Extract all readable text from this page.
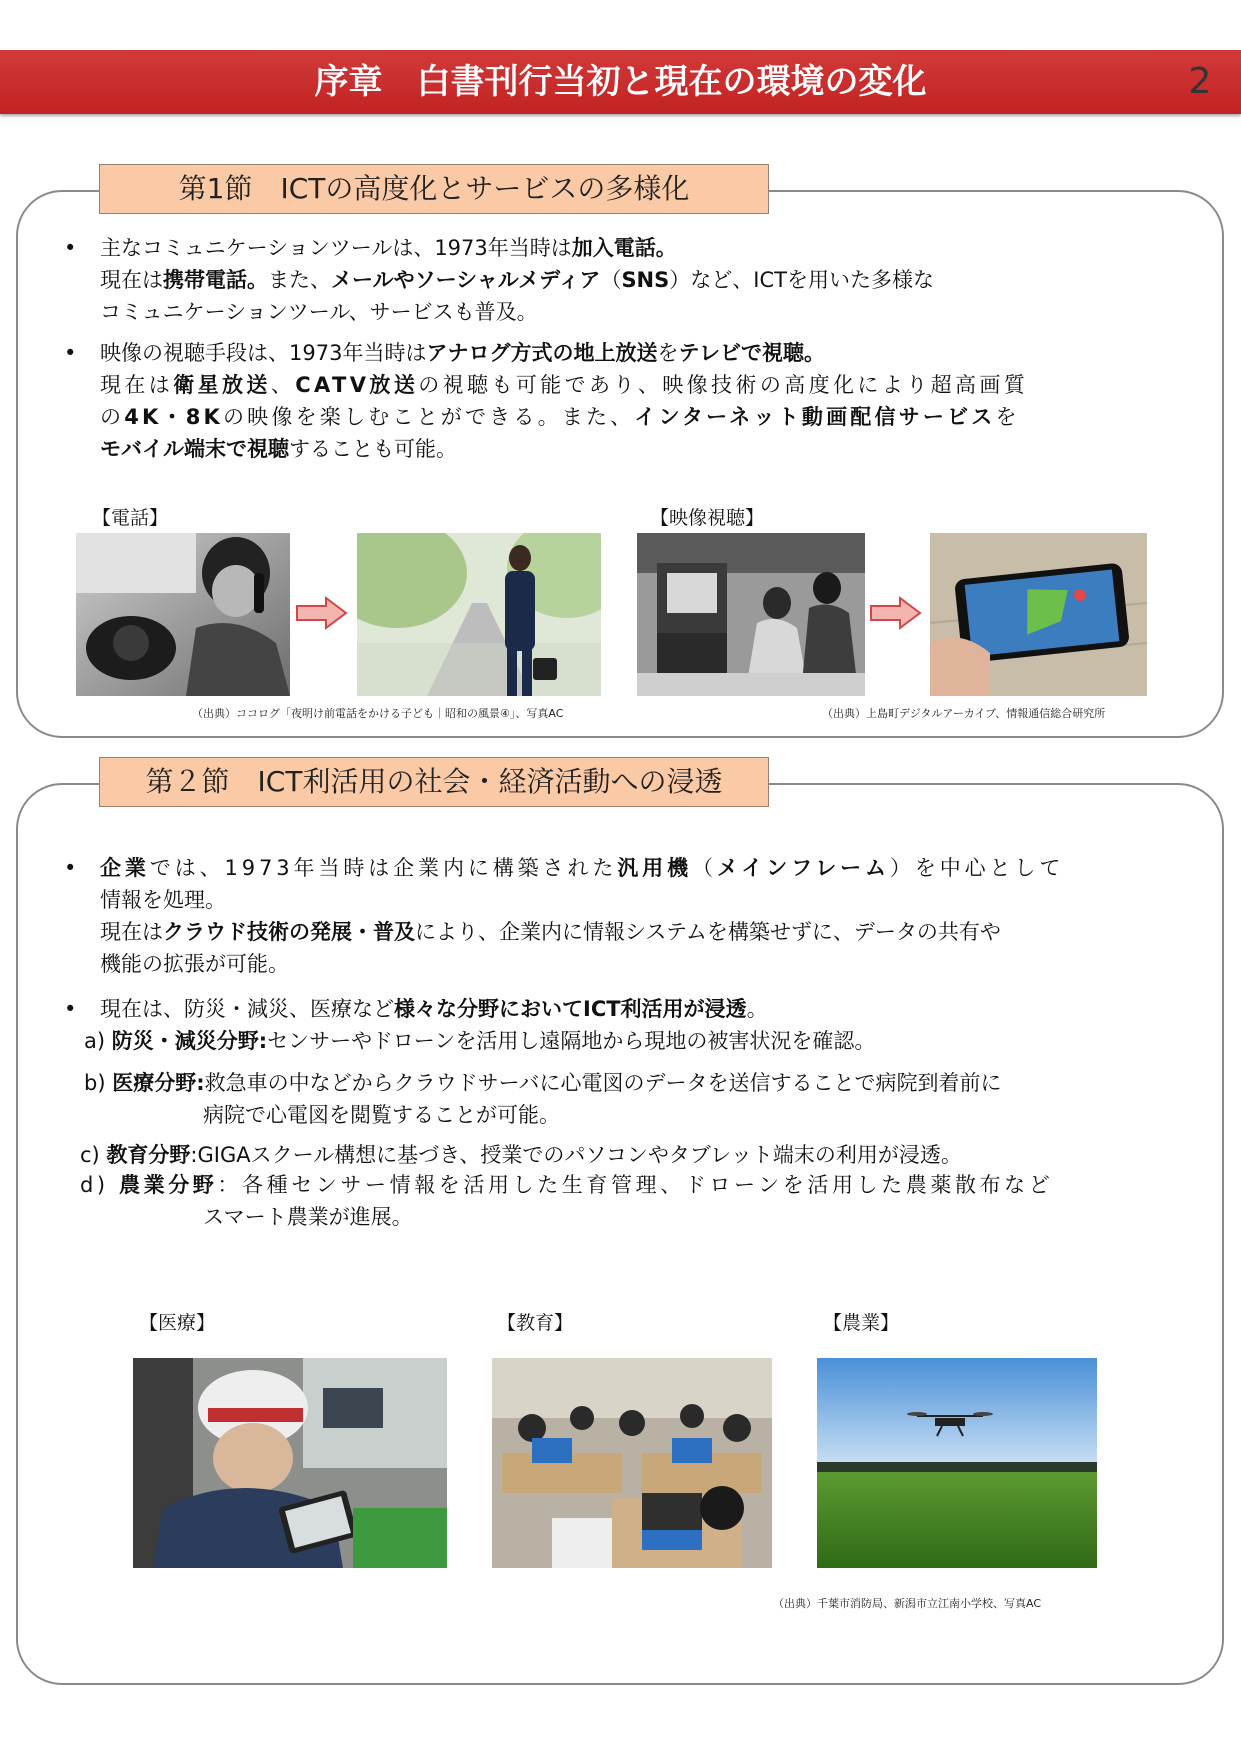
序章　白書刊行当初と現在の環境の変化	2
第1節　ICTの高度化とサービスの多様化
•	主なコミュニケーションツールは、1973年当時は加入電話。
現在は携帯電話。また、メールやソーシャルメディア（SNS）など、ICTを用いた多様な
コミュニケーションツール、サービスも普及。
•	映像の視聴手段は、1973年当時はアナログ方式の地上放送をテレビで視聴。
現在は衛星放送、CATV放送の視聴も可能であり、映像技術の高度化により超高画質
の4K・8Kの映像を楽しむことができる。また、インターネット動画配信サービスを
モバイル端末で視聴することも可能。
【電話】	【映像視聴】
（出典）ココログ「夜明け前電話をかける子ども｜昭和の風景④」、写真AC	（出典）上島町デジタルアーカイブ、情報通信総合研究所
第２節　ICT利活用の社会・経済活動への浸透
•	企業では、1973年当時は企業内に構築された汎用機（メインフレーム）を中心として
情報を処理。
現在はクラウド技術の発展・普及により、企業内に情報システムを構築せずに、データの共有や
機能の拡張が可能。
•	現在は、防災・減災、医療など様々な分野においてICT利活用が浸透。
a) 防災・減災分野:センサーやドローンを活用し遠隔地から現地の被害状況を確認。
b) 医療分野:救急車の中などからクラウドサーバに心電図のデータを送信することで病院到着前に
病院で心電図を閲覧することが可能。
c) 教育分野:GIGAスクール構想に基づき、授業でのパソコンやタブレット端末の利用が浸透。
d) 農業分野：各種センサー情報を活用した生育管理、ドローンを活用した農薬散布など
スマート農業が進展。
【医療】	【教育】	【農業】
（出典）千葉市消防局、新潟市立江南小学校、写真AC
